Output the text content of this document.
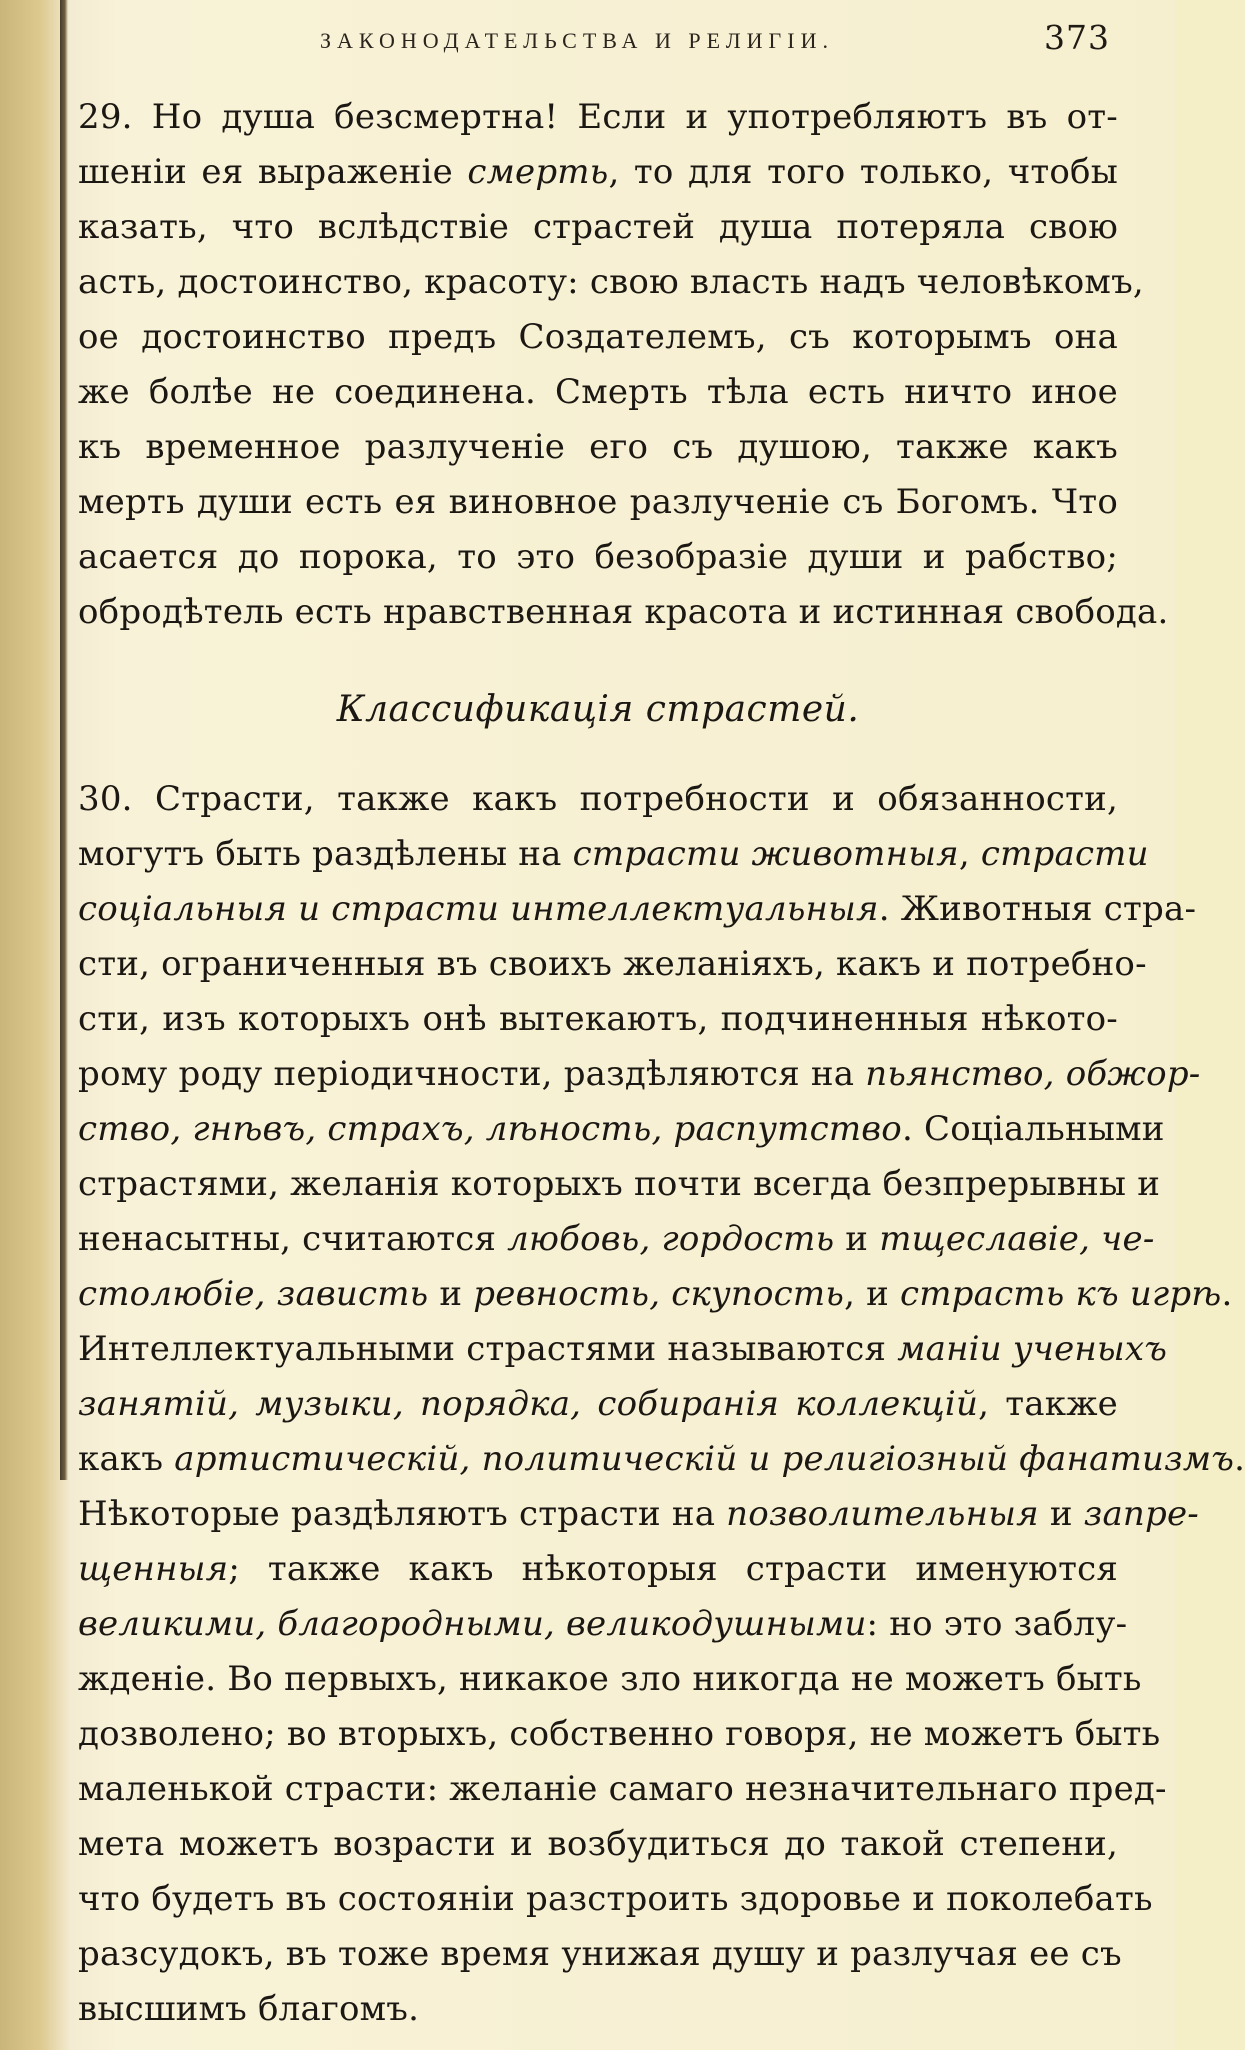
ЗАКОНОДАТЕЛЬСТВА И РЕЛИГІИ.	373
29. Но душа безсмертна! Если и употребляютъ въ от-
шеніи ея выраженіе смерть, то для того только, чтобы
казать, что вслѣдствіе страстей душа потеряла свою
асть, достоинство, красоту: свою власть надъ человѣкомъ,
ое достоинство предъ Создателемъ, съ которымъ она
же болѣе не соединена. Смерть тѣла есть ничто иное
къ временное разлученіе его съ душою, также какъ
мерть души есть ея виновное разлученіе съ Богомъ. Что
асается до порока, то это безобразіе души и рабство;
обродѣтель есть нравственная красота и истинная свобода.
Классификація страстей.
30. Страсти, также какъ потребности и обязанности,
могутъ быть раздѣлены на страсти животныя, страсти
соціальныя и страсти интеллектуальныя. Животныя стра-
сти, ограниченныя въ своихъ желаніяхъ, какъ и потребно-
сти, изъ которыхъ онѣ вытекаютъ, подчиненныя нѣкото-
рому роду періодичности, раздѣляются на пьянство, обжор-
ство, гнѣвъ, страхъ, лѣность, распутство. Соціальными
страстями, желанія которыхъ почти всегда безпрерывны и
ненасытны, считаются любовь, гордость и тщеславіе, че-
столюбіе, зависть и ревность, скупость, и страсть къ игрѣ.
Интеллектуальными страстями называются маніи ученыхъ
занятій, музыки, порядка, собиранія коллекцій, также
какъ артистическій, политическій и религіозный фанатизмъ.
Нѣкоторые раздѣляютъ страсти на позволительныя и запре-
щенныя; также какъ нѣкоторыя страсти именуются
великими, благородными, великодушными: но это заблу-
жденіе. Во первыхъ, никакое зло никогда не можетъ быть
дозволено; во вторыхъ, собственно говоря, не можетъ быть
маленькой страсти: желаніе самаго незначительнаго пред-
мета можетъ возрасти и возбудиться до такой степени,
что будетъ въ состояніи разстроить здоровье и поколебать
разсудокъ, въ тоже время унижая душу и разлучая ее съ
высшимъ благомъ.
